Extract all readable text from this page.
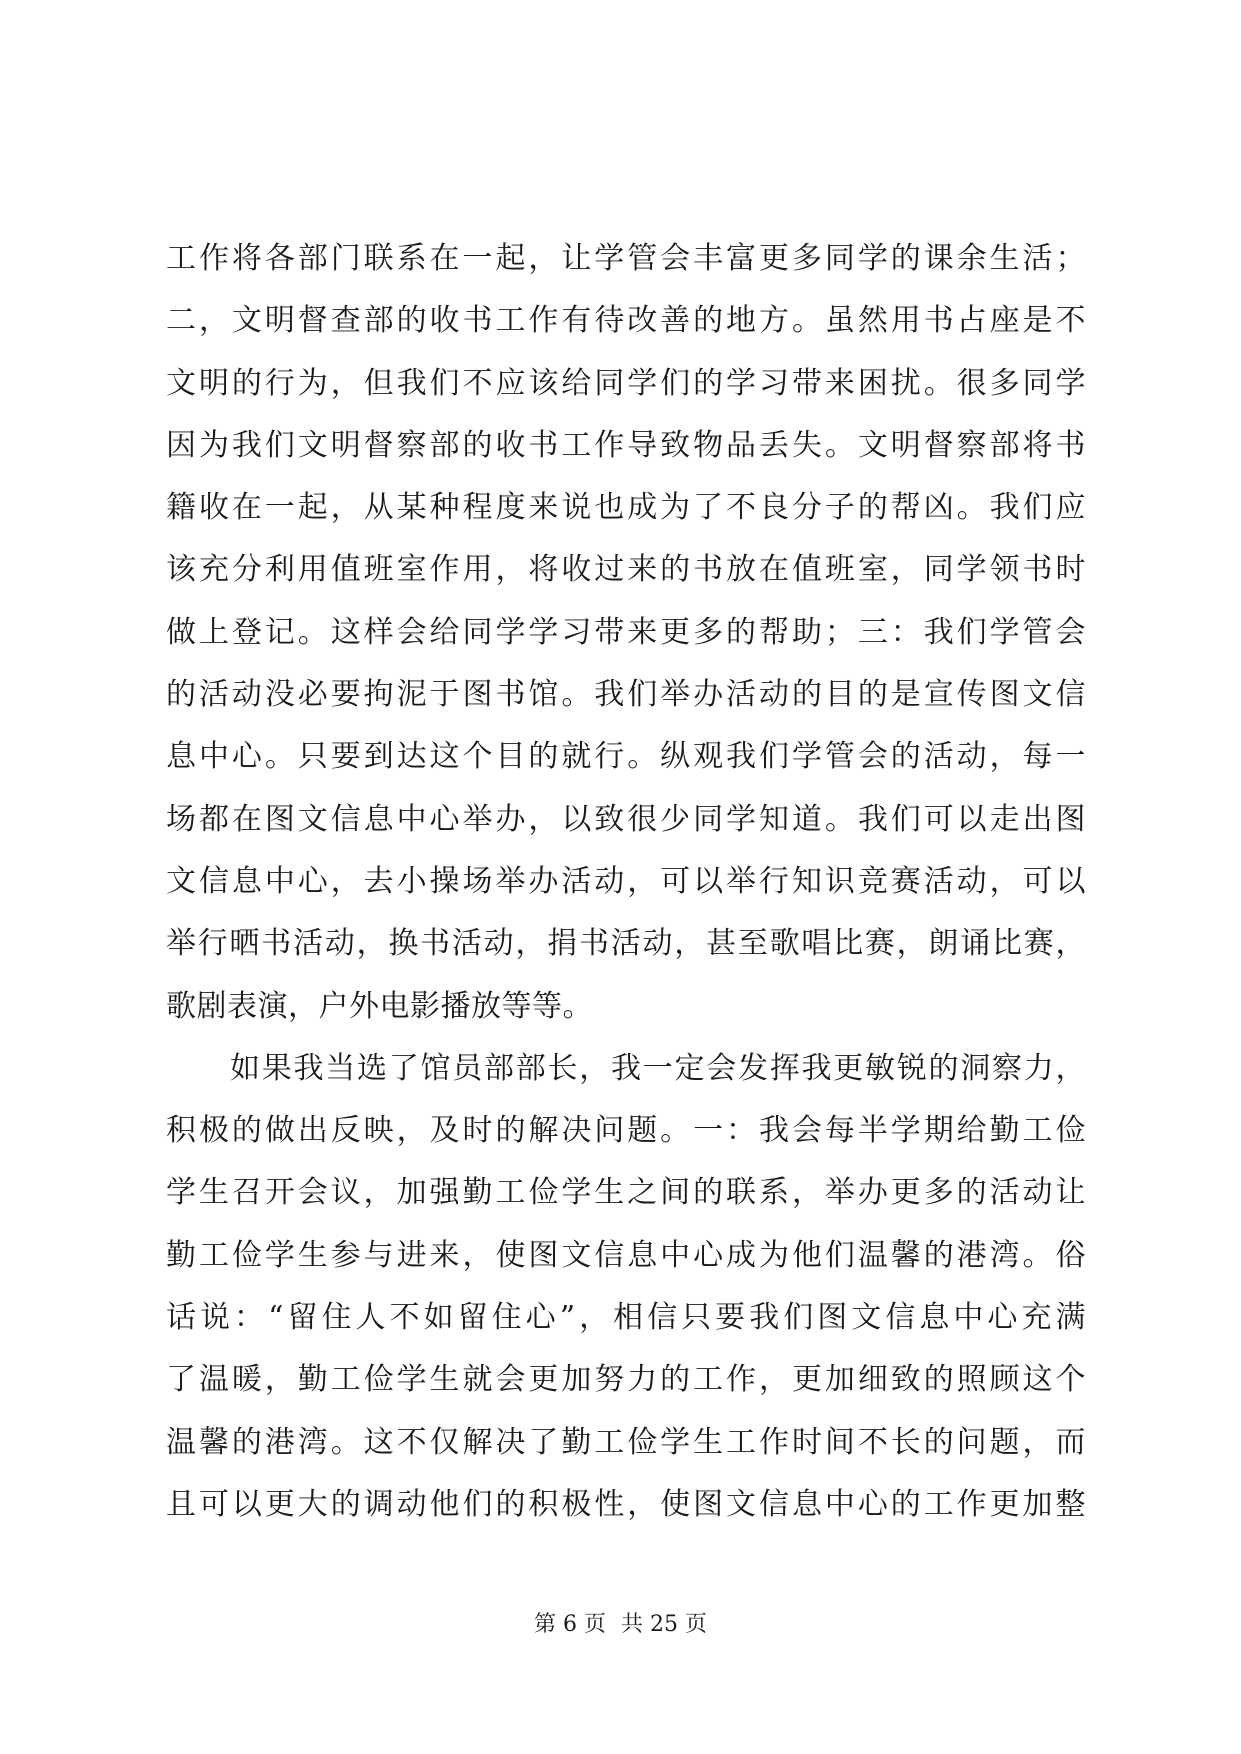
工作将各部门联系在一起，让学管会丰富更多同学的课余生活；
二，文明督查部的收书工作有待改善的地方。虽然用书占座是不
文明的行为，但我们不应该给同学们的学习带来困扰。很多同学
因为我们文明督察部的收书工作导致物品丢失。文明督察部将书
籍收在一起，从某种程度来说也成为了不良分子的帮凶。我们应
该充分利用值班室作用，将收过来的书放在值班室，同学领书时
做上登记。这样会给同学学习带来更多的帮助；三：我们学管会
的活动没必要拘泥于图书馆。我们举办活动的目的是宣传图文信
息中心。只要到达这个目的就行。纵观我们学管会的活动，每一
场都在图文信息中心举办，以致很少同学知道。我们可以走出图
文信息中心，去小操场举办活动，可以举行知识竞赛活动，可以
举行晒书活动，换书活动，捐书活动，甚至歌唱比赛，朗诵比赛，
歌剧表演，户外电影播放等等。
如果我当选了馆员部部长，我一定会发挥我更敏锐的洞察力，
积极的做出反映，及时的解决问题。一：我会每半学期给勤工俭
学生召开会议，加强勤工俭学生之间的联系，举办更多的活动让
勤工俭学生参与进来，使图文信息中心成为他们温馨的港湾。俗
话说：“留住人不如留住心”，相信只要我们图文信息中心充满
了温暖，勤工俭学生就会更加努力的工作，更加细致的照顾这个
温馨的港湾。这不仅解决了勤工俭学生工作时间不长的问题，而
且可以更大的调动他们的积极性，使图文信息中心的工作更加整
第 6 页 共 25 页
